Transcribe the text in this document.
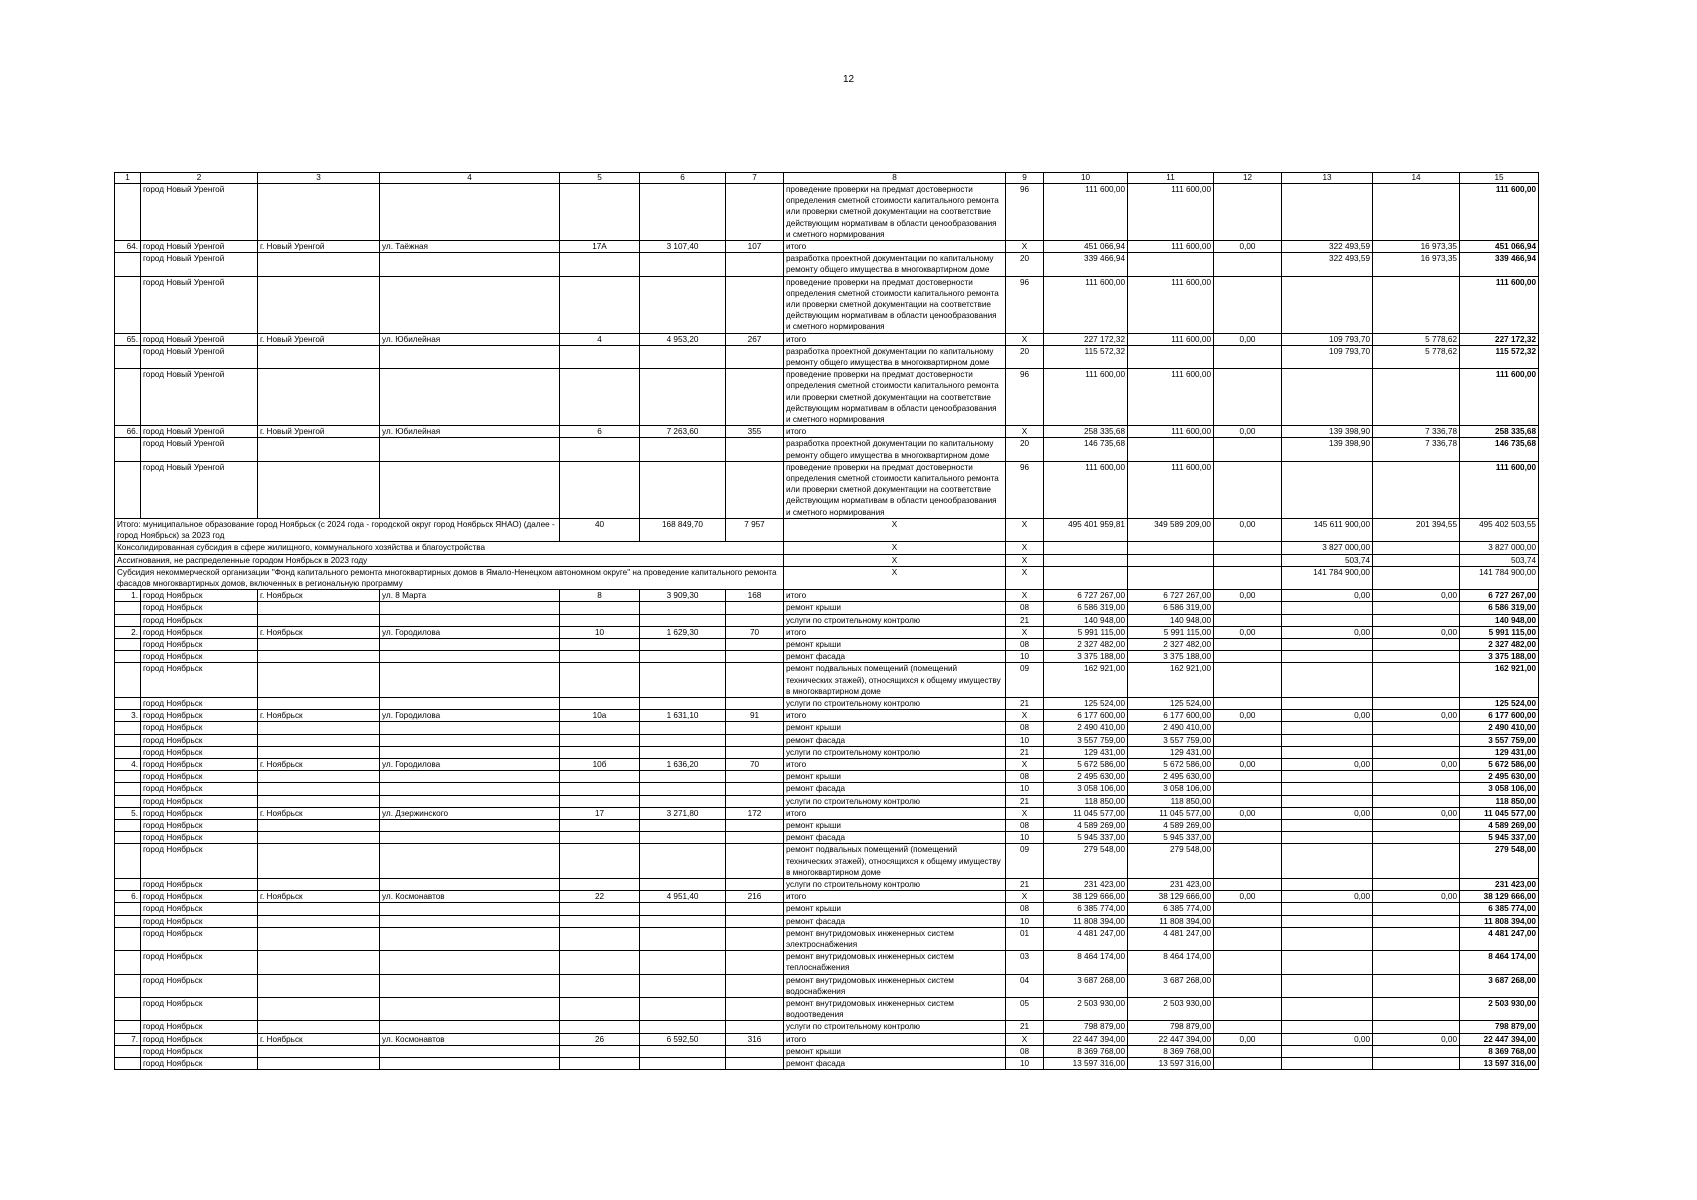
12
1	2	3	4	5	6	7	8	9	10	11	12	13	14	15
	город Новый Уренгой						проведение проверки на предмат достоверности определения сметной стоимости капитального ремонта или проверки сметной документации на соответствие действующим нормативам в области ценообразования и сметного нормирования	96	111 600,00	111 600,00				111 600,00
64.	город Новый Уренгой	г. Новый Уренгой	ул. Таёжная	17А	3 107,40	107	итого	Х	451 066,94	111 600,00	0,00	322 493,59	16 973,35	451 066,94
	город Новый Уренгой						разработка проектной документации по капитальному ремонту общего имущества в многоквартирном доме	20	339 466,94			322 493,59	16 973,35	339 466,94
	город Новый Уренгой						проведение проверки на предмат достоверности определения сметной стоимости капитального ремонта или проверки сметной документации на соответствие действующим нормативам в области ценообразования и сметного нормирования	96	111 600,00	111 600,00				111 600,00
65.	город Новый Уренгой	г. Новый Уренгой	ул. Юбилейная	4	4 953,20	267	итого	Х	227 172,32	111 600,00	0,00	109 793,70	5 778,62	227 172,32
	город Новый Уренгой						разработка проектной документации по капитальному ремонту общего имущества в многоквартирном доме	20	115 572,32			109 793,70	5 778,62	115 572,32
	город Новый Уренгой						проведение проверки на предмат достоверности определения сметной стоимости капитального ремонта или проверки сметной документации на соответствие действующим нормативам в области ценообразования и сметного нормирования	96	111 600,00	111 600,00				111 600,00
66.	город Новый Уренгой	г. Новый Уренгой	ул. Юбилейная	6	7 263,60	355	итого	Х	258 335,68	111 600,00	0,00	139 398,90	7 336,78	258 335,68
	город Новый Уренгой						разработка проектной документации по капитальному ремонту общего имущества в многоквартирном доме	20	146 735,68			139 398,90	7 336,78	146 735,68
	город Новый Уренгой						проведение проверки на предмат достоверности определения сметной стоимости капитального ремонта или проверки сметной документации на соответствие действующим нормативам в области ценообразования и сметного нормирования	96	111 600,00	111 600,00				111 600,00
Итого: муниципальное образование город Ноябрьск (с 2024 года - городской округ город Ноябрьск ЯНАО) (далее - город Ноябрьск) за 2023 год				40	168 849,70	7 957	Х	Х	495 401 959,81	349 589 209,00	0,00	145 611 900,00	201 394,55	495 402 503,55
Консолидированная субсидия в сфере жилищного, коммунального хозяйства и благоустройства							Х	Х				3 827 000,00		3 827 000,00
Ассигнования, не распределенные городом Ноябрьск в 2023 году							Х	Х				503,74		503,74
Субсидия некоммерческой организации "Фонд капитального ремонта многоквартирных домов в Ямало-Ненецком автономном округе" на проведение капитального ремонта фасадов многоквартирных домов, включенных в региональную программу							Х	Х				141 784 900,00		141 784 900,00
1.	город Ноябрьск	г. Ноябрьск	ул. 8 Марта	8	3 909,30	168	итого	Х	6 727 267,00	6 727 267,00	0,00	0,00	0,00	6 727 267,00
	город Ноябрьск						ремонт крыши	08	6 586 319,00	6 586 319,00				6 586 319,00
	город Ноябрьск						услуги по строительному контролю	21	140 948,00	140 948,00				140 948,00
2.	город Ноябрьск	г. Ноябрьск	ул. Городилова	10	1 629,30	70	итого	Х	5 991 115,00	5 991 115,00	0,00	0,00	0,00	5 991 115,00
	город Ноябрьск						ремонт крыши	08	2 327 482,00	2 327 482,00				2 327 482,00
	город Ноябрьск						ремонт фасада	10	3 375 188,00	3 375 188,00				3 375 188,00
	город Ноябрьск						ремонт подвальных помещений (помещений технических этажей), относящихся к общему имуществу в многоквартирном доме	09	162 921,00	162 921,00				162 921,00
	город Ноябрьск						услуги по строительному контролю	21	125 524,00	125 524,00				125 524,00
3.	город Ноябрьск	г. Ноябрьск	ул. Городилова	10а	1 631,10	91	итого	Х	6 177 600,00	6 177 600,00	0,00	0,00	0,00	6 177 600,00
	город Ноябрьск						ремонт крыши	08	2 490 410,00	2 490 410,00				2 490 410,00
	город Ноябрьск						ремонт фасада	10	3 557 759,00	3 557 759,00				3 557 759,00
	город Ноябрьск						услуги по строительному контролю	21	129 431,00	129 431,00				129 431,00
4.	город Ноябрьск	г. Ноябрьск	ул. Городилова	10б	1 636,20	70	итого	Х	5 672 586,00	5 672 586,00	0,00	0,00	0,00	5 672 586,00
	город Ноябрьск						ремонт крыши	08	2 495 630,00	2 495 630,00				2 495 630,00
	город Ноябрьск						ремонт фасада	10	3 058 106,00	3 058 106,00				3 058 106,00
	город Ноябрьск						услуги по строительному контролю	21	118 850,00	118 850,00				118 850,00
5.	город Ноябрьск	г. Ноябрьск	ул. Дзержинского	17	3 271,80	172	итого	Х	11 045 577,00	11 045 577,00	0,00	0,00	0,00	11 045 577,00
	город Ноябрьск						ремонт крыши	08	4 589 269,00	4 589 269,00				4 589 269,00
	город Ноябрьск						ремонт фасада	10	5 945 337,00	5 945 337,00				5 945 337,00
	город Ноябрьск						ремонт подвальных помещений (помещений технических этажей), относящихся к общему имуществу в многоквартирном доме	09	279 548,00	279 548,00				279 548,00
	город Ноябрьск						услуги по строительному контролю	21	231 423,00	231 423,00				231 423,00
6.	город Ноябрьск	г. Ноябрьск	ул. Космонавтов	22	4 951,40	216	итого	Х	38 129 666,00	38 129 666,00	0,00	0,00	0,00	38 129 666,00
	город Ноябрьск						ремонт крыши	08	6 385 774,00	6 385 774,00				6 385 774,00
	город Ноябрьск						ремонт фасада	10	11 808 394,00	11 808 394,00				11 808 394,00
	город Ноябрьск						ремонт внутридомовых инженерных систем электроснабжения	01	4 481 247,00	4 481 247,00				4 481 247,00
	город Ноябрьск						ремонт внутридомовых инженерных систем теплоснабжения	03	8 464 174,00	8 464 174,00				8 464 174,00
	город Ноябрьск						ремонт внутридомовых инженерных систем водоснабжения	04	3 687 268,00	3 687 268,00				3 687 268,00
	город Ноябрьск						ремонт внутридомовых инженерных систем водоотведения	05	2 503 930,00	2 503 930,00				2 503 930,00
	город Ноябрьск						услуги по строительному контролю	21	798 879,00	798 879,00				798 879,00
7.	город Ноябрьск	г. Ноябрьск	ул. Космонавтов	26	6 592,50	316	итого	Х	22 447 394,00	22 447 394,00	0,00	0,00	0,00	22 447 394,00
	город Ноябрьск						ремонт крыши	08	8 369 768,00	8 369 768,00				8 369 768,00
	город Ноябрьск						ремонт фасада	10	13 597 316,00	13 597 316,00				13 597 316,00
